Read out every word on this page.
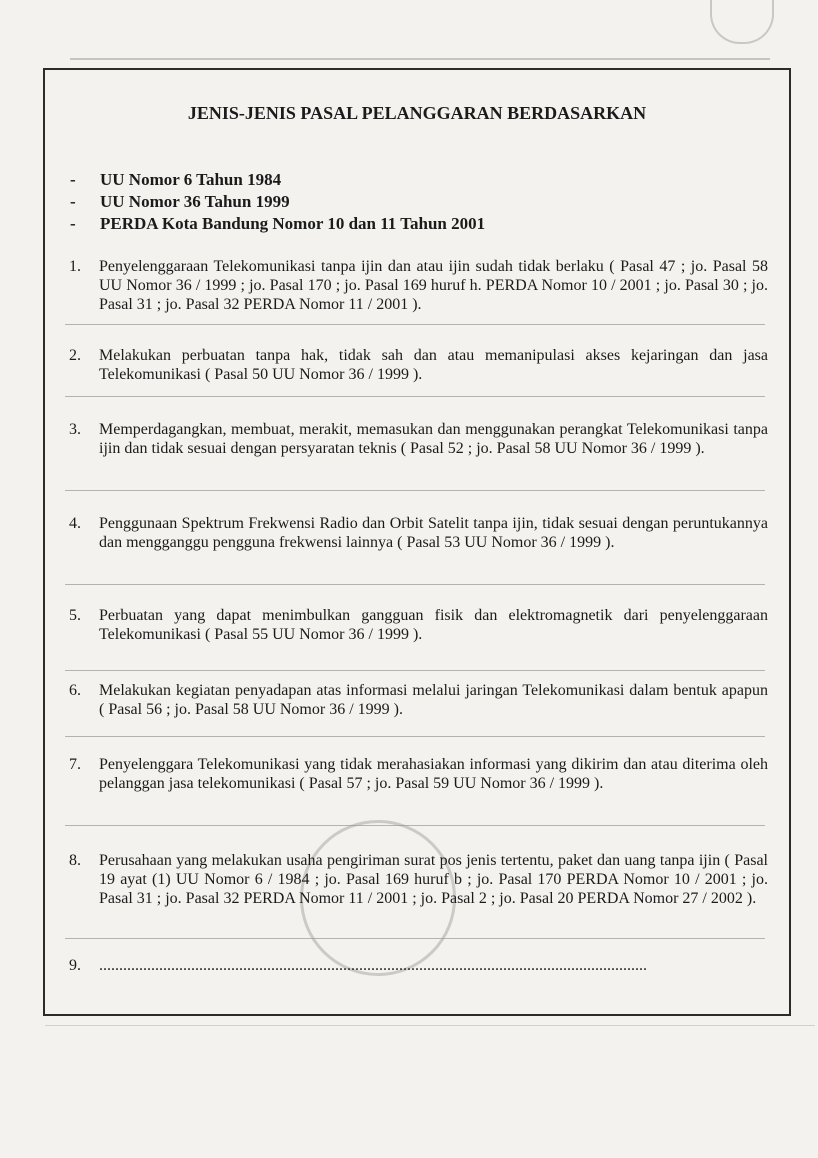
JENIS-JENIS PASAL PELANGGARAN BERDASARKAN
- UU Nomor 6 Tahun 1984
- UU Nomor 36 Tahun 1999
- PERDA Kota Bandung Nomor 10 dan 11 Tahun 2001
1.	Penyelenggaraan Telekomunikasi tanpa ijin dan atau ijin sudah tidak berlaku ( Pasal 47 ; jo. Pasal 58 UU Nomor 36 / 1999 ; jo. Pasal 170 ; jo. Pasal 169 huruf h. PERDA Nomor 10 / 2001 ; jo. Pasal 30 ; jo. Pasal 31 ; jo. Pasal 32 PERDA Nomor 11 / 2001 ).
2.	Melakukan perbuatan tanpa hak, tidak sah dan atau memanipulasi akses kejaringan dan jasa Telekomunikasi ( Pasal 50 UU Nomor 36 / 1999 ).
3.	Memperdagangkan, membuat, merakit, memasukan dan menggunakan perangkat Telekomunikasi tanpa ijin dan tidak sesuai dengan persyaratan teknis ( Pasal 52 ; jo. Pasal 58 UU Nomor 36 / 1999 ).
4.	Penggunaan Spektrum Frekwensi Radio dan Orbit Satelit tanpa ijin, tidak sesuai dengan peruntukannya dan mengganggu pengguna frekwensi lainnya ( Pasal 53 UU Nomor 36 / 1999 ).
5.	Perbuatan yang dapat menimbulkan gangguan fisik dan elektromagnetik dari penyelenggaraan Telekomunikasi ( Pasal 55 UU Nomor 36 / 1999 ).
6.	Melakukan kegiatan penyadapan atas informasi melalui jaringan Telekomunikasi dalam bentuk apapun ( Pasal 56 ; jo. Pasal 58 UU Nomor 36 / 1999 ).
7.	Penyelenggara Telekomunikasi yang tidak merahasiakan informasi yang dikirim dan atau diterima oleh pelanggan jasa telekomunikasi ( Pasal 57 ; jo. Pasal 59 UU Nomor 36 / 1999 ).
8.	Perusahaan yang melakukan usaha pengiriman surat pos jenis tertentu, paket dan uang tanpa ijin ( Pasal 19 ayat (1) UU Nomor 6 / 1984 ; jo. Pasal 169 huruf b ; jo. Pasal 170 PERDA Nomor 10 / 2001 ; jo. Pasal 31 ; jo. Pasal 32 PERDA Nomor 11 / 2001 ; jo. Pasal 2 ; jo. Pasal 20 PERDA Nomor 27 / 2002 ).
9.	.........................................................................................................................................
